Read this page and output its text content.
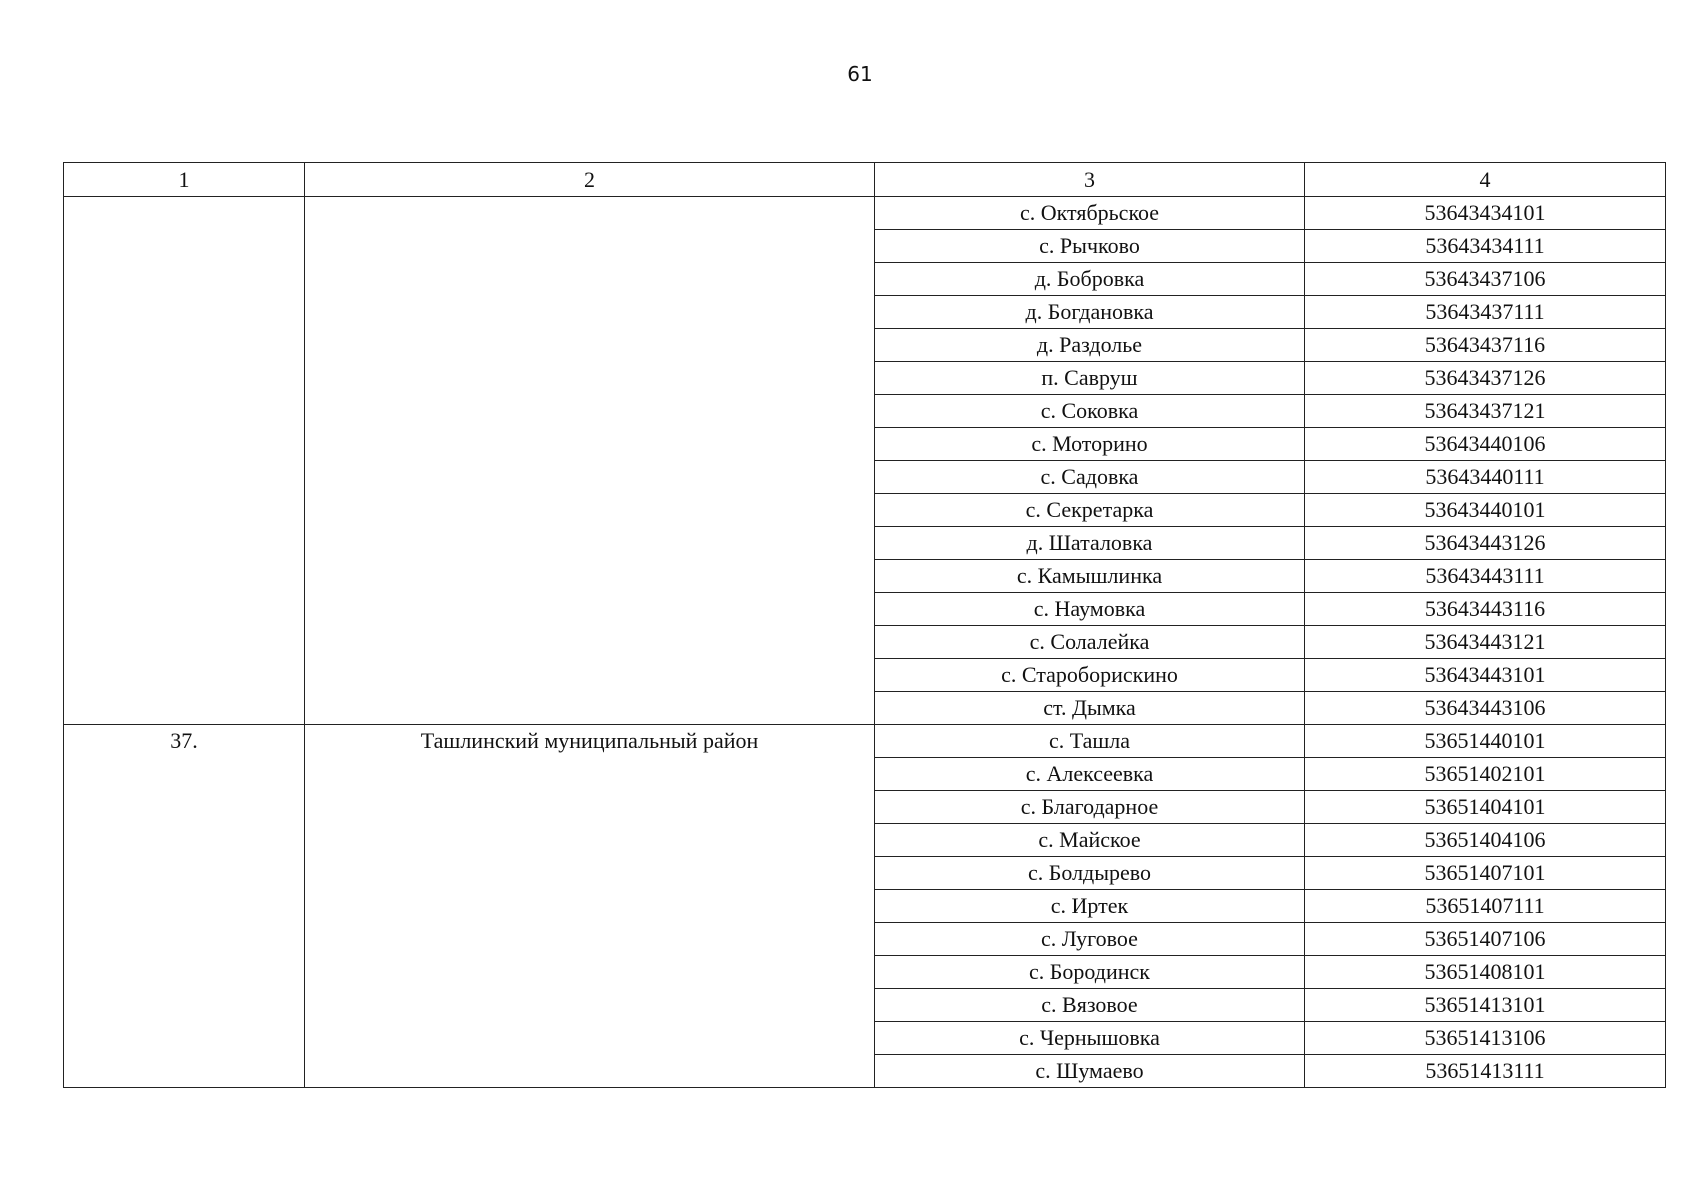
61
1	2	3	4
		с. Октябрьское	53643434101
		с. Рычково	53643434111
		д. Бобровка	53643437106
		д. Богдановка	53643437111
		д. Раздолье	53643437116
		п. Савруш	53643437126
		с. Соковка	53643437121
		с. Моторино	53643440106
		с. Садовка	53643440111
		с. Секретарка	53643440101
		д. Шаталовка	53643443126
		с. Камышлинка	53643443111
		с. Наумовка	53643443116
		с. Солалейка	53643443121
		с. Староборискино	53643443101
		ст. Дымка	53643443106
37.	Ташлинский муниципальный район	с. Ташла	53651440101
		с. Алексеевка	53651402101
		с. Благодарное	53651404101
		с. Майское	53651404106
		с. Болдырево	53651407101
		с. Иртек	53651407111
		с. Луговое	53651407106
		с. Бородинск	53651408101
		с. Вязовое	53651413101
		с. Чернышовка	53651413106
		с. Шумаево	53651413111
